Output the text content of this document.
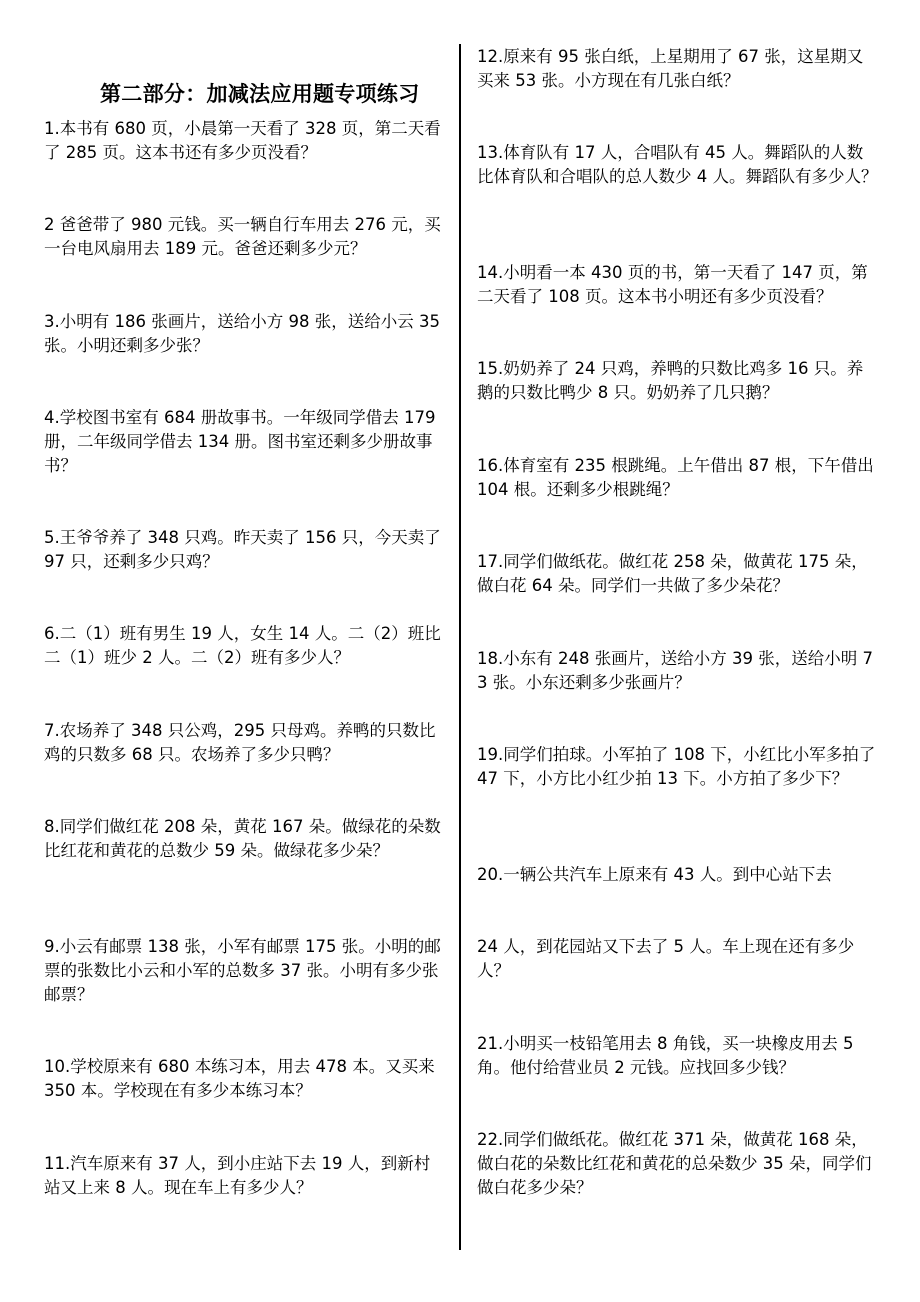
第二部分：加减法应用题专项练习

1.本书有 680 页，小晨第一天看了 328 页，第二天看了 285 页。这本书还有多少页没看？

2 爸爸带了 980 元钱。买一辆自行车用去 276 元，买一台电风扇用去 189 元。爸爸还剩多少元？

3.小明有 186 张画片，送给小方 98 张，送给小云 35 张。小明还剩多少张？

4.学校图书室有 684 册故事书。一年级同学借去 179 册，二年级同学借去 134 册。图书室还剩多少册故事书？

5.王爷爷养了 348 只鸡。昨天卖了 156 只，今天卖了 97 只，还剩多少只鸡？

6.二（1）班有男生 19 人，女生 14 人。二（2）班比二（1）班少 2 人。二（2）班有多少人？

7.农场养了 348 只公鸡，295 只母鸡。养鸭的只数比鸡的只数多 68 只。农场养了多少只鸭？

8.同学们做红花 208 朵，黄花 167 朵。做绿花的朵数比红花和黄花的总数少 59 朵。做绿花多少朵？

9.小云有邮票 138 张，小军有邮票 175 张。小明的邮票的张数比小云和小军的总数多 37 张。小明有多少张邮票？

10.学校原来有 680 本练习本，用去 478 本。又买来 350 本。学校现在有多少本练习本？

11.汽车原来有 37 人，到小庄站下去 19 人，到新村站又上来 8 人。现在车上有多少人？

12.原来有 95 张白纸，上星期用了 67 张，这星期又买来 53 张。小方现在有几张白纸？

13.体育队有 17 人，合唱队有 45 人。舞蹈队的人数比体育队和合唱队的总人数少 4 人。舞蹈队有多少人？

14.小明看一本 430 页的书，第一天看了 147 页，第二天看了 108 页。这本书小明还有多少页没看？

15.奶奶养了 24 只鸡，养鸭的只数比鸡多 16 只。养鹅的只数比鸭少 8 只。奶奶养了几只鹅？

16.体育室有 235 根跳绳。上午借出 87 根，下午借出 104 根。还剩多少根跳绳？

17.同学们做纸花。做红花 258 朵，做黄花 175 朵，做白花 64 朵。同学们一共做了多少朵花？

18.小东有 248 张画片，送给小方 39 张，送给小明 73 张。小东还剩多少张画片？

19.同学们拍球。小军拍了 108 下，小红比小军多拍了 47 下，小方比小红少拍 13 下。小方拍了多少下？

20.一辆公共汽车上原来有 43 人。到中心站下去

24 人，到花园站又下去了 5 人。车上现在还有多少人？

21.小明买一枝铅笔用去 8 角钱，买一块橡皮用去 5 角。他付给营业员 2 元钱。应找回多少钱？

22.同学们做纸花。做红花 371 朵，做黄花 168 朵，做白花的朵数比红花和黄花的总朵数少 35 朵，同学们做白花多少朵？
